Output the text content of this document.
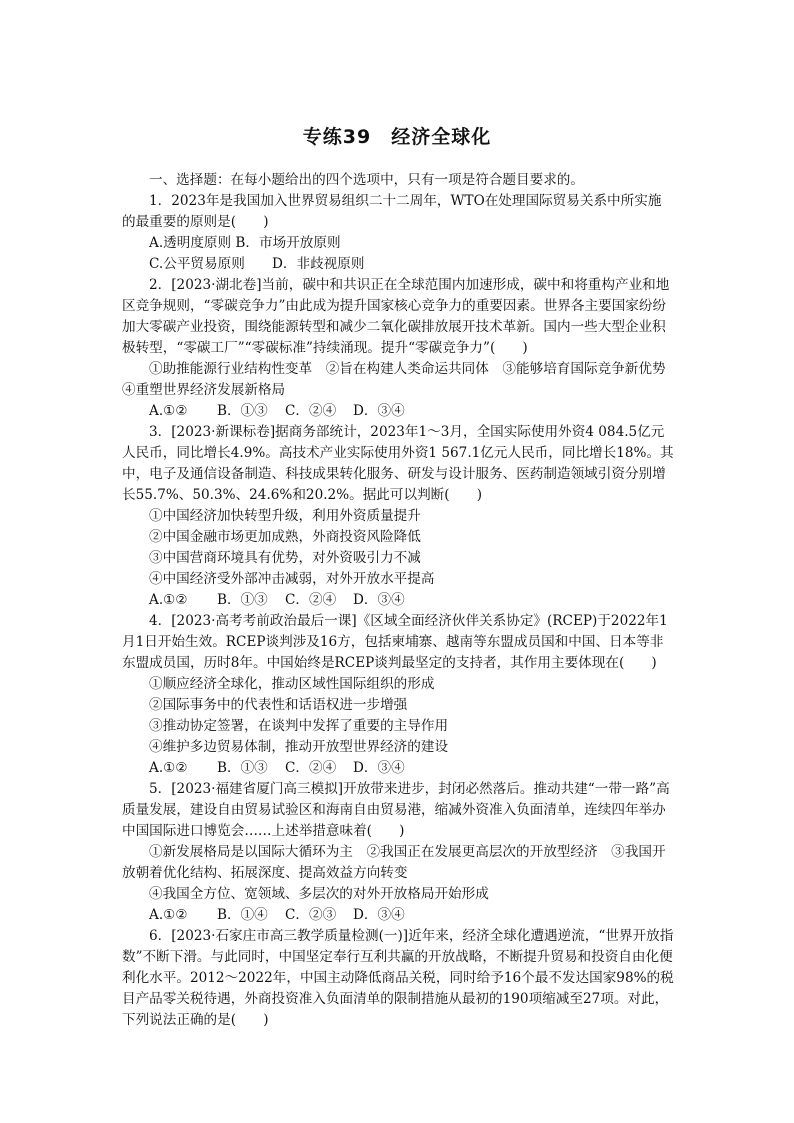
专练39　经济全球化

一、选择题：在每小题给出的四个选项中，只有一项是符合题目要求的。

1．2023年是我国加入世界贸易组织二十二周年，WTO在处理国际贸易关系中所实施的最重要的原则是(　　)

A.透明度原则 B．市场开放原则

C.公平贸易原则　　D．非歧视原则

2．[2023·湖北卷]当前，碳中和共识正在全球范围内加速形成，碳中和将重构产业和地区竞争规则，“零碳竞争力”由此成为提升国家核心竞争力的重要因素。世界各主要国家纷纷加大零碳产业投资，围绕能源转型和减少二氧化碳排放展开技术革新。国内一些大型企业积极转型，“零碳工厂”“零碳标准”持续涌现。提升“零碳竞争力”(　　)

①助推能源行业结构性变革　②旨在构建人类命运共同体　③能够培育国际竞争新优势　④重塑世界经济发展新格局

A.①② B．①③ C．②④ D．③④

3．[2023·新课标卷]据商务部统计，2023年1～3月，全国实际使用外资4 084.5亿元人民币，同比增长4.9%。高技术产业实际使用外资1 567.1亿元人民币，同比增长18%。其中，电子及通信设备制造、科技成果转化服务、研发与设计服务、医药制造领域引资分别增长55.7%、50.3%、24.6%和20.2%。据此可以判断(　　)

①中国经济加快转型升级，利用外资质量提升

②中国金融市场更加成熟，外商投资风险降低

③中国营商环境具有优势，对外资吸引力不减

④中国经济受外部冲击减弱，对外开放水平提高

A.①② B．①③ C．②④ D．③④

4．[2023·高考考前政治最后一课]《区域全面经济伙伴关系协定》(RCEP)于2022年1月1日开始生效。RCEP谈判涉及16方，包括柬埔寨、越南等东盟成员国和中国、日本等非东盟成员国，历时8年。中国始终是RCEP谈判最坚定的支持者，其作用主要体现在(　　)

①顺应经济全球化，推动区域性国际组织的形成

②国际事务中的代表性和话语权进一步增强

③推动协定签署，在谈判中发挥了重要的主导作用

④维护多边贸易体制，推动开放型世界经济的建设

A.①② B．①③ C．②④ D．③④

5．[2023·福建省厦门高三模拟]开放带来进步，封闭必然落后。推动共建“一带一路”高质量发展，建设自由贸易试验区和海南自由贸易港，缩减外资准入负面清单，连续四年举办中国国际进口博览会……上述举措意味着(　　)

①新发展格局是以国际大循环为主　②我国正在发展更高层次的开放型经济　③我国开放朝着优化结构、拓展深度、提高效益方向转变

④我国全方位、宽领域、多层次的对外开放格局开始形成

A.①② B．①④ C．②③ D．③④

6．[2023·石家庄市高三教学质量检测(一)]近年来，经济全球化遭遇逆流，“世界开放指数”不断下滑。与此同时，中国坚定奉行互利共赢的开放战略，不断提升贸易和投资自由化便利化水平。2012～2022年，中国主动降低商品关税，同时给予16个最不发达国家98%的税目产品零关税待遇，外商投资准入负面清单的限制措施从最初的190项缩减至27项。对此，下列说法正确的是(　　)
